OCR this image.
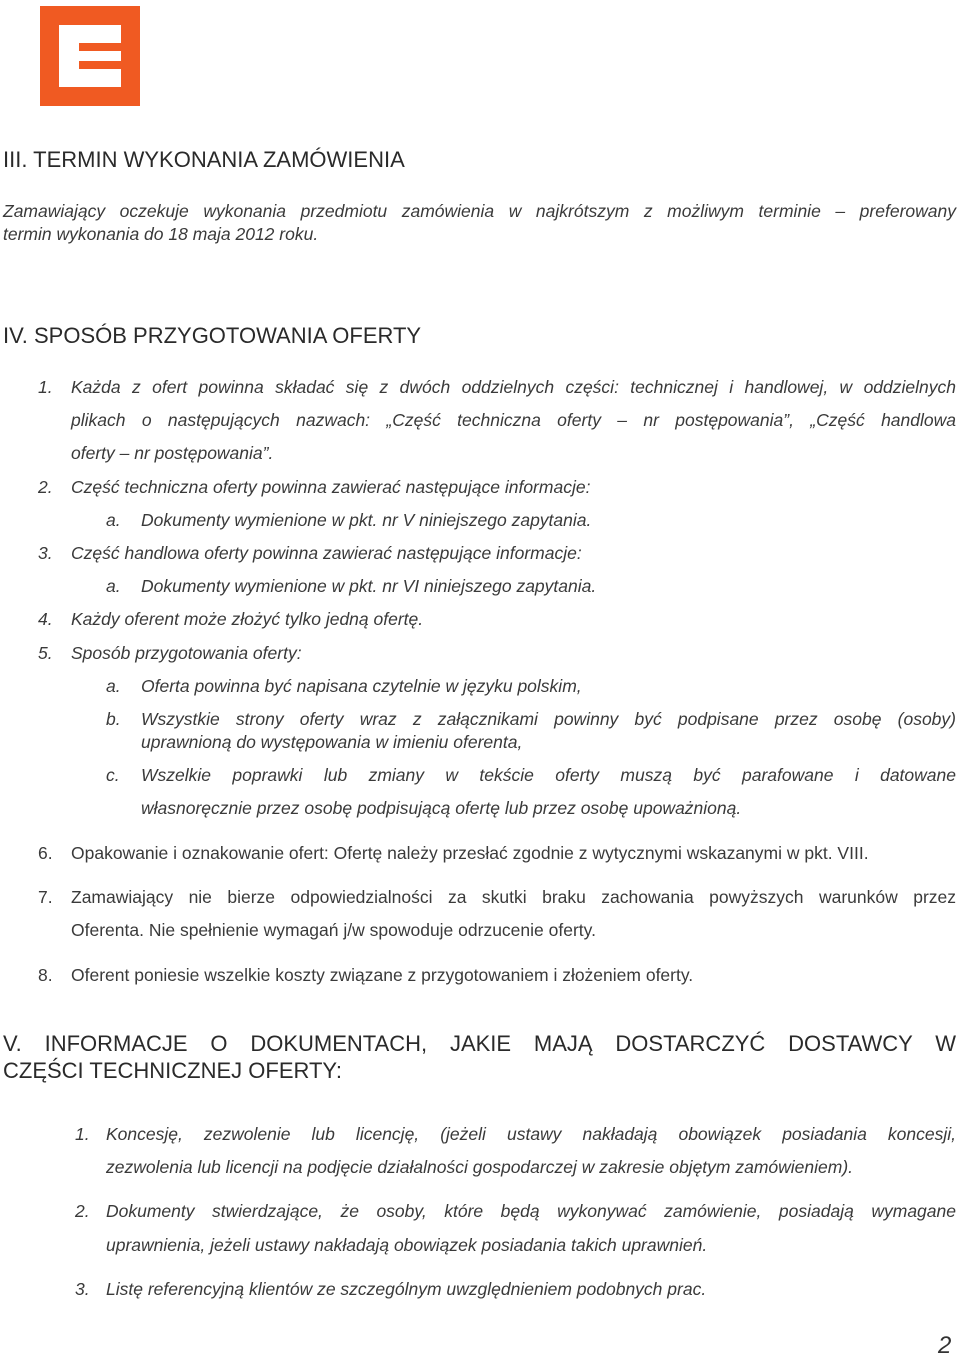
III. TERMIN WYKONANIA ZAMÓWIENIA
Zamawiający oczekuje wykonania przedmiotu zamówienia w najkrótszym z możliwym terminie – preferowany
termin wykonania do 18 maja 2012 roku.
IV. SPOSÓB PRZYGOTOWANIA OFERTY
1. Każda z ofert powinna składać się z dwóch oddzielnych części: technicznej i handlowej, w oddzielnych
plikach o następujących nazwach: „Część techniczna oferty – nr postępowania”, „Część handlowa
oferty – nr postępowania”.
2. Część techniczna oferty powinna zawierać następujące informacje:
a. Dokumenty wymienione w pkt. nr V niniejszego zapytania.
3. Część handlowa oferty powinna zawierać następujące informacje:
a. Dokumenty wymienione w pkt. nr VI niniejszego zapytania.
4. Każdy oferent może złożyć tylko jedną ofertę.
5. Sposób przygotowania oferty:
a. Oferta powinna być napisana czytelnie w języku polskim,
b. Wszystkie strony oferty wraz z załącznikami powinny być podpisane przez osobę (osoby)
uprawnioną do występowania w imieniu oferenta,
c. Wszelkie poprawki lub zmiany w tekście oferty muszą być parafowane i datowane
własnoręcznie przez osobę podpisującą ofertę lub przez osobę upoważnioną.
6. Opakowanie i oznakowanie ofert: Ofertę należy przesłać zgodnie z wytycznymi wskazanymi w pkt. VIII.
7. Zamawiający nie bierze odpowiedzialności za skutki braku zachowania powyższych warunków przez
Oferenta. Nie spełnienie wymagań j/w spowoduje odrzucenie oferty.
8. Oferent poniesie wszelkie koszty związane z przygotowaniem i złożeniem oferty.
V. INFORMACJE O DOKUMENTACH, JAKIE MAJĄ DOSTARCZYĆ DOSTAWCY W
CZĘŚCI TECHNICZNEJ OFERTY:
1. Koncesję, zezwolenie lub licencję, (jeżeli ustawy nakładają obowiązek posiadania koncesji,
zezwolenia lub licencji na podjęcie działalności gospodarczej w zakresie objętym zamówieniem).
2. Dokumenty stwierdzające, że osoby, które będą wykonywać zamówienie, posiadają wymagane
uprawnienia, jeżeli ustawy nakładają obowiązek posiadania takich uprawnień.
3. Listę referencyjną klientów ze szczególnym uwzględnieniem podobnych prac.
2
